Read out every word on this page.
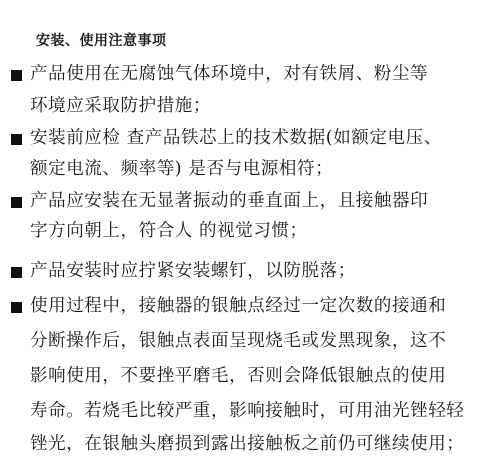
安装、使用注意事项
产品使用在无腐蚀气体环境中，对有铁屑、粉尘等
环境应采取防护措施；
安装前应检 查产品铁芯上的技术数据(如额定电压、
额定电流、频率等) 是否与电源相符；
产品应安装在无显著振动的垂直面上，且接触器印
字方向朝上，符合人 的视觉习惯；
产品安装时应拧紧安装螺钉，以防脱落；
使用过程中，接触器的银触点经过一定次数的接通和
分断操作后，银触点表面呈现烧毛或发黑现象，这不
影响使用，不要挫平磨毛，否则会降低银触点的使用
寿命。若烧毛比较严重，影响接触时，可用油光锉轻轻
锉光，在银触头磨损到露出接触板之前仍可继续使用；
